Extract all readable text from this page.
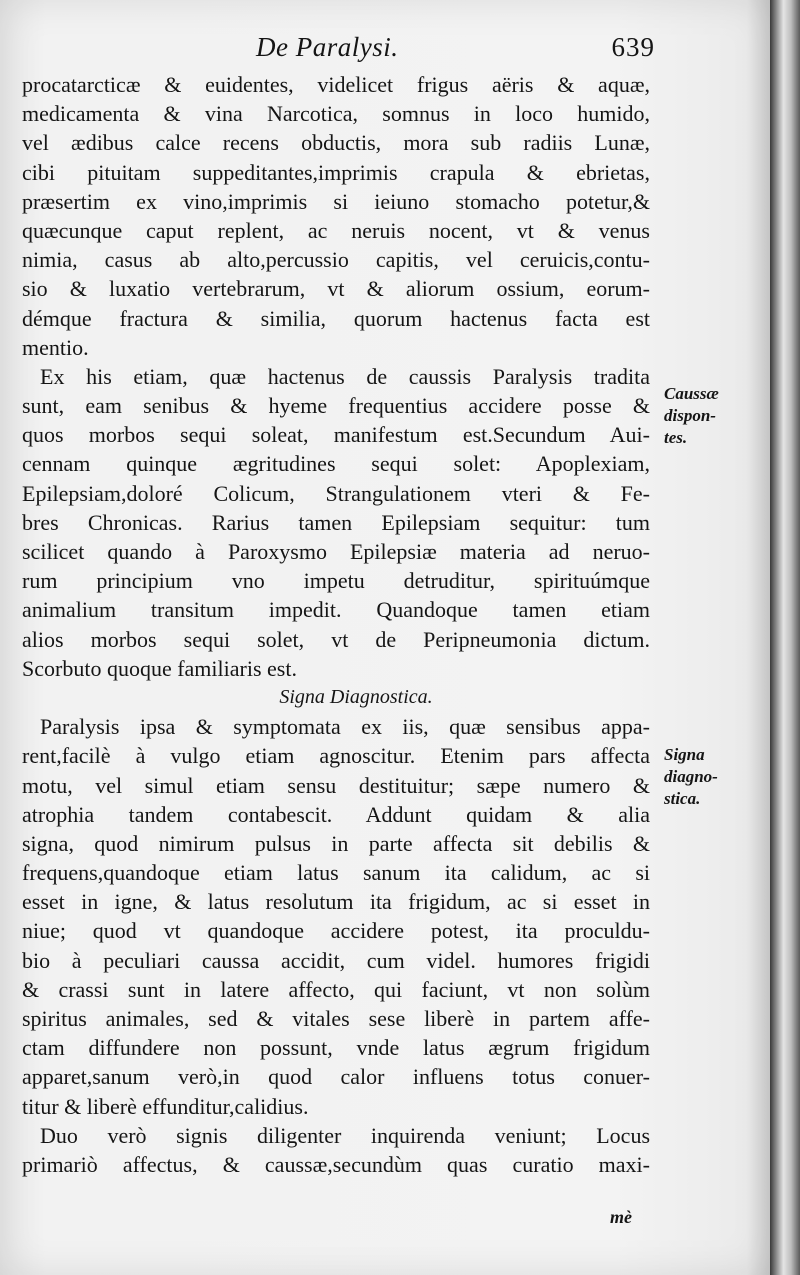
De Paralysi.	639
procatarcticæ & euidentes, videlicet frigus aëris & aquæ,
medicamenta & vina Narcotica, somnus in loco humido,
vel ædibus calce recens obductis, mora sub radiis Lunæ,
cibi pituitam suppeditantes,imprimis crapula & ebrietas,
præsertim ex vino,imprimis si ieiuno stomacho potetur,&
quæcunque caput replent, ac neruis nocent, vt & venus
nimia, casus ab alto,percussio capitis, vel ceruicis,contu-
sio & luxatio vertebrarum, vt & aliorum ossium, eorum-
démque fractura & similia, quorum hactenus facta est
mentio.
Ex his etiam, quæ hactenus de caussis Paralysis tradita
sunt, eam senibus & hyeme frequentius accidere posse &
quos morbos sequi soleat, manifestum est.Secundum Aui-
cennam quinque ægritudines sequi solet: Apoplexiam,
Epilepsiam,doloré Colicum, Strangulationem vteri & Fe-
bres Chronicas. Rarius tamen Epilepsiam sequitur: tum
scilicet quando à Paroxysmo Epilepsiæ materia ad neruo-
rum principium vno impetu detruditur, spirituúmque
animalium transitum impedit. Quandoque tamen etiam
alios morbos sequi solet, vt de Peripneumonia dictum.
Scorbuto quoque familiaris est.
Signa Diagnostica.
Paralysis ipsa & symptomata ex iis, quæ sensibus appa-
rent,facilè à vulgo etiam agnoscitur. Etenim pars affecta
motu, vel simul etiam sensu destituitur; sæpe numero &
atrophia tandem contabescit. Addunt quidam & alia
signa, quod nimirum pulsus in parte affecta sit debilis &
frequens,quandoque etiam latus sanum ita calidum, ac si
esset in igne, & latus resolutum ita frigidum, ac si esset in
niue; quod vt quandoque accidere potest, ita proculdu-
bio à peculiari caussa accidit, cum videl. humores frigidi
& crassi sunt in latere affecto, qui faciunt, vt non solùm
spiritus animales, sed & vitales sese liberè in partem affe-
ctam diffundere non possunt, vnde latus ægrum frigidum
apparet,sanum verò,in quod calor influens totus conuer-
titur & liberè effunditur,calidius.
Duo verò signis diligenter inquirenda veniunt; Locus
primariò affectus, & caussæ,secundùm quas curatio maxi-
Caussæ
dispon-
tes.
Signa
diagno-
stica.
mè
